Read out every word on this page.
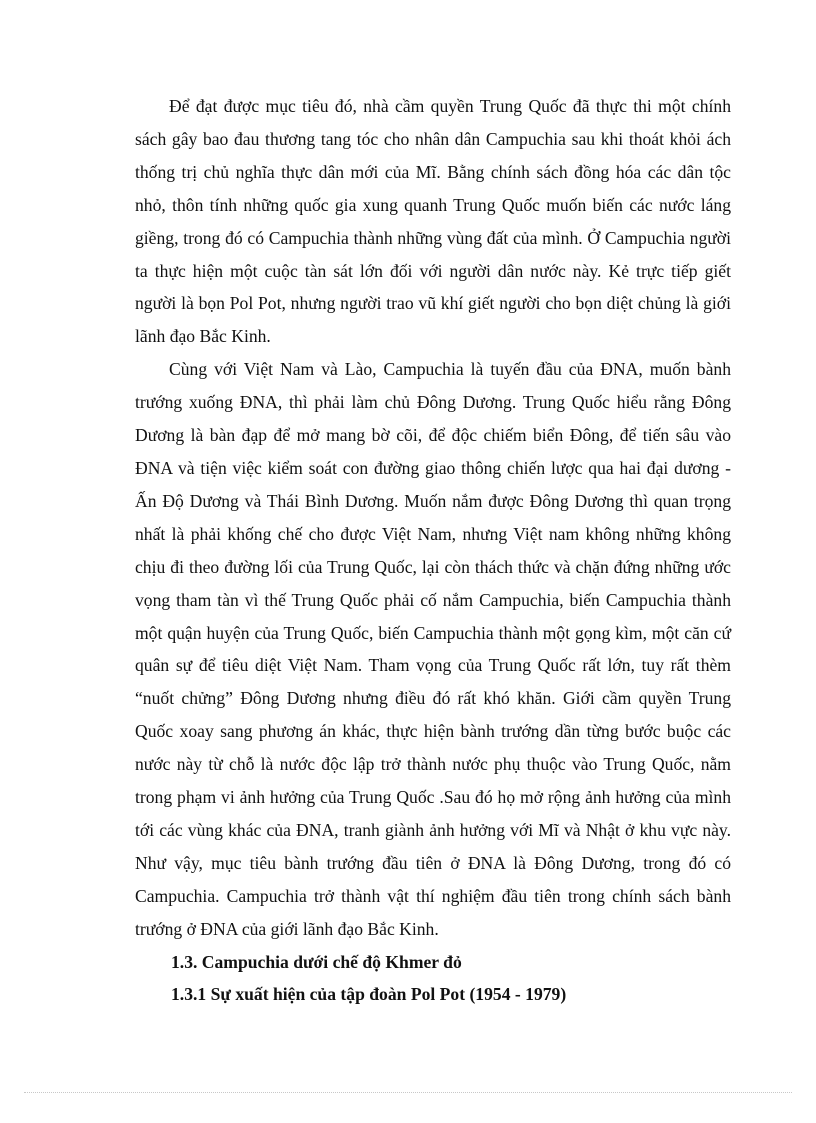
Để đạt được mục tiêu đó, nhà cầm quyền Trung Quốc đã thực thi một chính sách gây bao đau thương tang tóc cho nhân dân Campuchia sau khi thoát khỏi ách thống trị chủ nghĩa thực dân mới của Mĩ. Bằng chính sách đồng hóa các dân tộc nhỏ, thôn tính những quốc gia xung quanh Trung Quốc muốn biến các nước láng giềng, trong đó có Campuchia thành những vùng đất của mình. Ở Campuchia người ta thực hiện một cuộc tàn sát lớn đối với người dân nước này. Kẻ trực tiếp giết người là bọn Pol Pot, nhưng người trao vũ khí giết người cho bọn diệt chủng là giới lãnh đạo Bắc Kinh.

Cùng với Việt Nam và Lào, Campuchia là tuyến đầu của ĐNA, muốn bành trướng xuống ĐNA, thì phải làm chủ Đông Dương. Trung Quốc hiểu rằng Đông Dương là bàn đạp để mở mang bờ cõi, để độc chiếm biển Đông, để tiến sâu vào ĐNA và tiện việc kiểm soát con đường giao thông chiến lược qua hai đại dương - Ấn Độ Dương và Thái Bình Dương. Muốn nắm được Đông Dương thì quan trọng nhất là phải khống chế cho được Việt Nam, nhưng Việt nam không những không chịu đi theo đường lối của Trung Quốc, lại còn thách thức và chặn đứng những ước vọng tham tàn vì thế Trung Quốc phải cố nắm Campuchia, biến Campuchia thành một quận huyện của Trung Quốc, biến Campuchia thành một gọng kìm, một căn cứ quân sự để tiêu diệt Việt Nam. Tham vọng của Trung Quốc rất lớn, tuy rất thèm “nuốt chửng” Đông Dương nhưng điều đó rất khó khăn. Giới cầm quyền Trung Quốc xoay sang phương án khác, thực hiện bành trướng dần từng bước buộc các nước này từ chỗ là nước độc lập trở thành nước phụ thuộc vào Trung Quốc, nằm trong phạm vi ảnh hưởng của Trung Quốc .Sau đó họ mở rộng ảnh hưởng của mình tới các vùng khác của ĐNA, tranh giành ảnh hưởng với Mĩ và Nhật ở khu vực này. Như vậy, mục tiêu bành trướng đầu tiên ở ĐNA là Đông Dương, trong đó có Campuchia. Campuchia trở thành vật thí nghiệm đầu tiên trong chính sách bành trướng ở ĐNA của giới lãnh đạo Bắc Kinh.

1.3. Campuchia dưới chế độ Khmer đỏ

1.3.1 Sự xuất hiện của tập đoàn Pol Pot (1954 - 1979)
